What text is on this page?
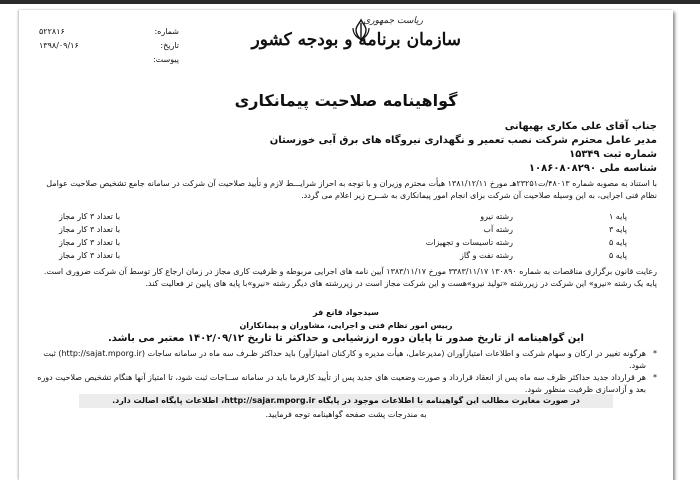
ریاست جمهوری
سازمان برنامه و بودجه کشور
شماره:
۵۲۲۸۱۶
تاریخ:
۱۳۹۸/۰۹/۱۶
پیوست:
گواهینامه صلاحیت پیمانکاری
جناب آقای علی مکاری بهبهانی
مدیر عامل محترم شرکت نصب تعمیر و نگهداری نیروگاه های برق آبی خوزستان
شماره ثبت ۱۵۳۴۹
شناسه ملی ۱۰۸۶۰۸۰۸۲۹۰
با استناد به مصوبه شماره ۴۸۰۱۳/ت۲۳۲۵۱هـ مورخ ۱۳۸۱/۱۲/۱۱ هیأت محترم وزیران و با توجه به احراز شرایـــط لازم و تأیید صلاحیت آن شرکت در سامانه جامع تشخیص صلاحیت عوامل نظام فنی اجرایی، به این وسیله صلاحیت آن شرکت برای انجام امور پیمانکاری به شــرح زیر اعلام می گردد.
پایه ۱
رشته نیرو
با تعداد ۳ کار مجاز
پایه ۳
رشته آب
با تعداد ۳ کار مجاز
پایه ۵
رشته تاسیسات و تجهیزات
با تعداد ۳ کار مجاز
پایه ۵
رشته نفت و گاز
با تعداد ۳ کار مجاز
رعایت قانون برگزاری مناقصات به شماره ۱۳۰۸۹۰ ۳۳۸۳/۱۱/۱۷ مورخ ۱۳۸۳/۱۱/۱۷ آیین نامه های اجرایی مربوطه و ظرفیت کاری مجاز در زمان ارجاع کار توسط آن شرکت ضروری است.
پایه یک رشته «نیرو» این شرکت در زیررشته «تولید نیرو»هست و این شرکت مجاز است در زیررشته های دیگر رشته «نیرو»با پایه های پایین تر فعالیت کند.
سیدجواد قانع فر
رییس امور نظام فنی و اجرایی، مشاوران و پیمانکاران
این گواهینامه از تاریخ صدور تا پایان دوره ارزشیابی و حداکثر تا تاریخ ۱۴۰۲/۰۹/۱۲ معتبر می باشد.
*
هرگونه تغییر در ارکان و سهام شرکت و اطلاعات امتیازآوران (مدیرعامل، هیأت مدیره و کارکنان امتیازآور) باید حداکثر ظـرف سه ماه در سامانه ساجات (http://sajat.mporg.ir) ثبت شود.
*
هر قرارداد جدید حداکثر ظرف سه ماه پس از انعقاد قرارداد و صورت وضعیت های جدید پس از تأیید کارفرما باید در سامانه ســاجات ثبت شود، تا امتیاز آنها هنگام تشخیص صلاحیت دوره بعد و آزادسازی ظرفیت منظور شود.
در صورت مغایرت مطالب این گواهینامه با اطلاعات موجود در پایگاه http://sajar.mporg.ir، اطلاعات پایگاه اصالت دارد.
به مندرجات پشت صفحه گواهینامه توجه فرمایید.
